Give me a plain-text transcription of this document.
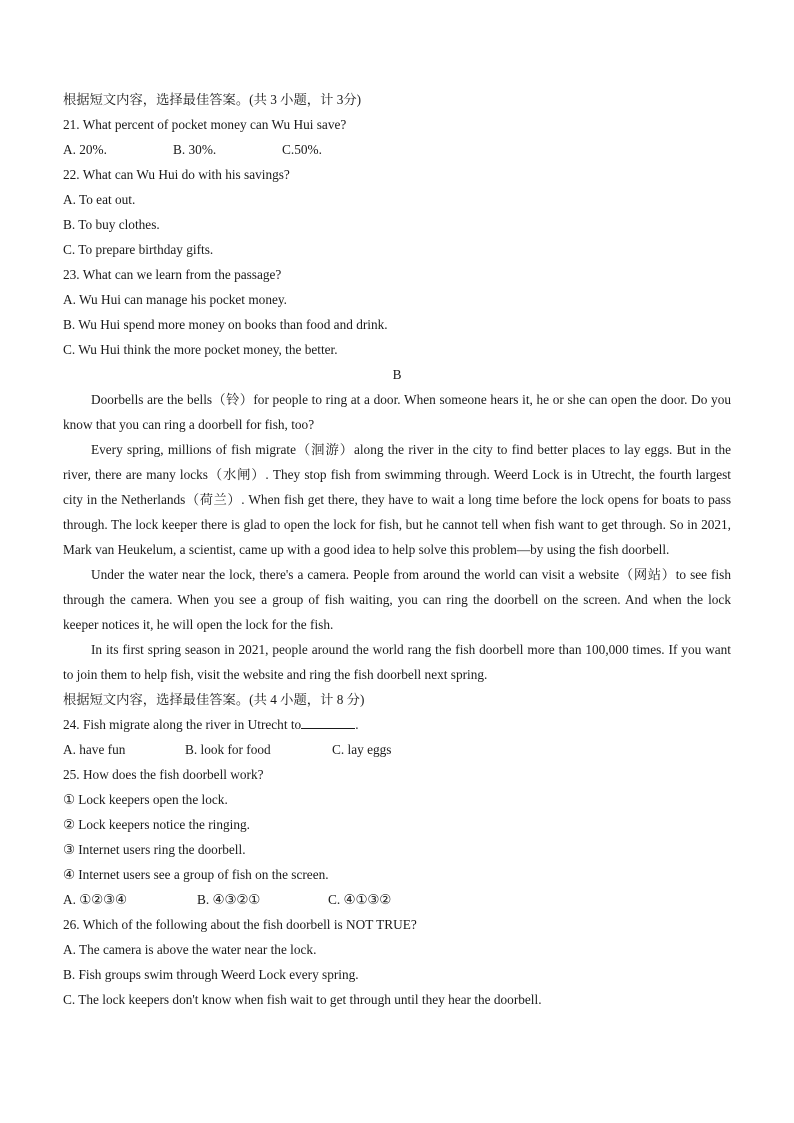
根据短文内容，选择最佳答案。(共 3 小题，计 3分)
21. What percent of pocket money can Wu Hui save?
A. 20%.	B. 30%.	C.50%.
22. What can Wu Hui do with his savings?
A. To eat out.
B. To buy clothes.
C. To prepare birthday gifts.
23. What can we learn from the passage?
A. Wu Hui can manage his pocket money.
B. Wu Hui spend more money on books than food and drink.
C. Wu Hui think the more pocket money, the better.
B
Doorbells are the bells（铃）for people to ring at a door. When someone hears it, he or she can open the door. Do you know that you can ring a doorbell for fish, too?
Every spring, millions of fish migrate（洄游）along the river in the city to find better places to lay eggs. But in the river, there are many locks（水闸）. They stop fish from swimming through. Weerd Lock is in Utrecht, the fourth largest city in the Netherlands（荷兰）. When fish get there, they have to wait a long time before the lock opens for boats to pass through. The lock keeper there is glad to open the lock for fish, but he cannot tell when fish want to get through. So in 2021, Mark van Heukelum, a scientist, came up with a good idea to help solve this problem—by using the fish doorbell.
Under the water near the lock, there's a camera. People from around the world can visit a website（网站）to see fish through the camera. When you see a group of fish waiting, you can ring the doorbell on the screen. And when the lock keeper notices it, he will open the lock for the fish.
In its first spring season in 2021, people around the world rang the fish doorbell more than 100,000 times. If you want to join them to help fish, visit the website and ring the fish doorbell next spring.
根据短文内容，选择最佳答案。(共 4 小题，计 8 分)
24. Fish migrate along the river in Utrecht to	.
A. have fun	B. look for food	C. lay eggs
25. How does the fish doorbell work?
① Lock keepers open the lock.
② Lock keepers notice the ringing.
③ Internet users ring the doorbell.
④ Internet users see a group of fish on the screen.
A. ①②③④	B. ④③②①	C. ④①③②
26. Which of the following about the fish doorbell is NOT TRUE?
A. The camera is above the water near the lock.
B. Fish groups swim through Weerd Lock every spring.
C. The lock keepers don't know when fish wait to get through until they hear the doorbell.
